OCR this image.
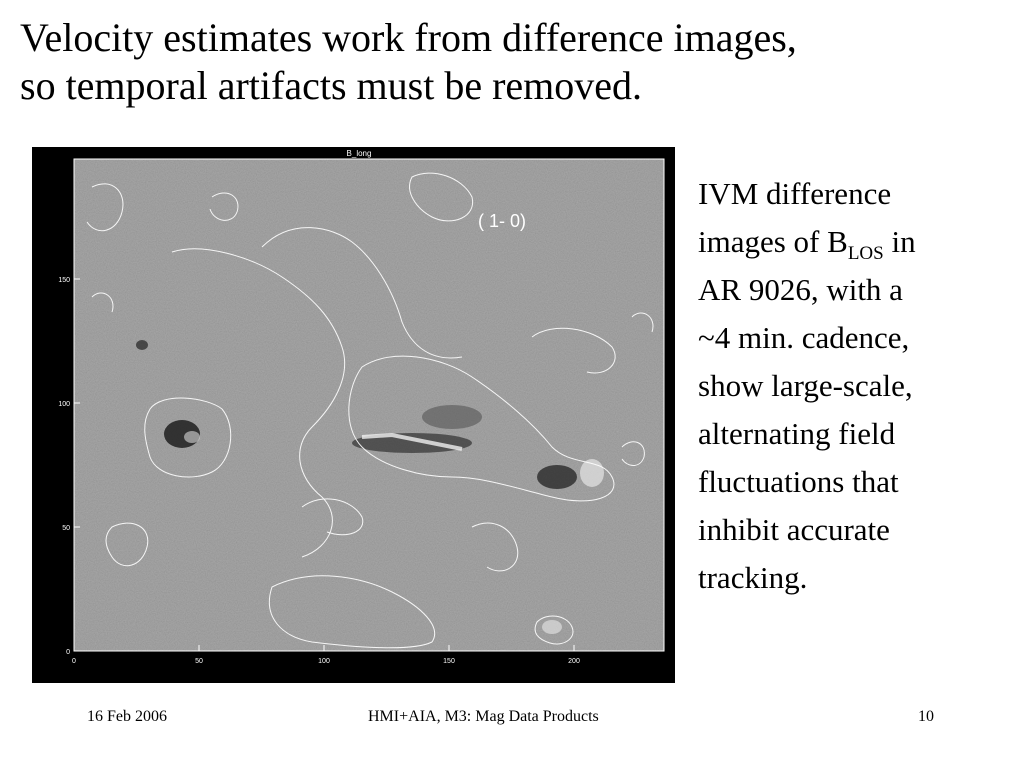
Velocity estimates work from difference images,
so temporal artifacts must be removed.
B_long
( 1- 0)
0
50
100
150
0	50	100	150	200
IVM difference
images of $B_{LOS}$ in
AR 9026, with a
~4 min. cadence,
show large-scale,
alternating field
fluctuations that
inhibit accurate
tracking.
16 Feb 2006	HMI+AIA, M3: Mag Data Products	10
